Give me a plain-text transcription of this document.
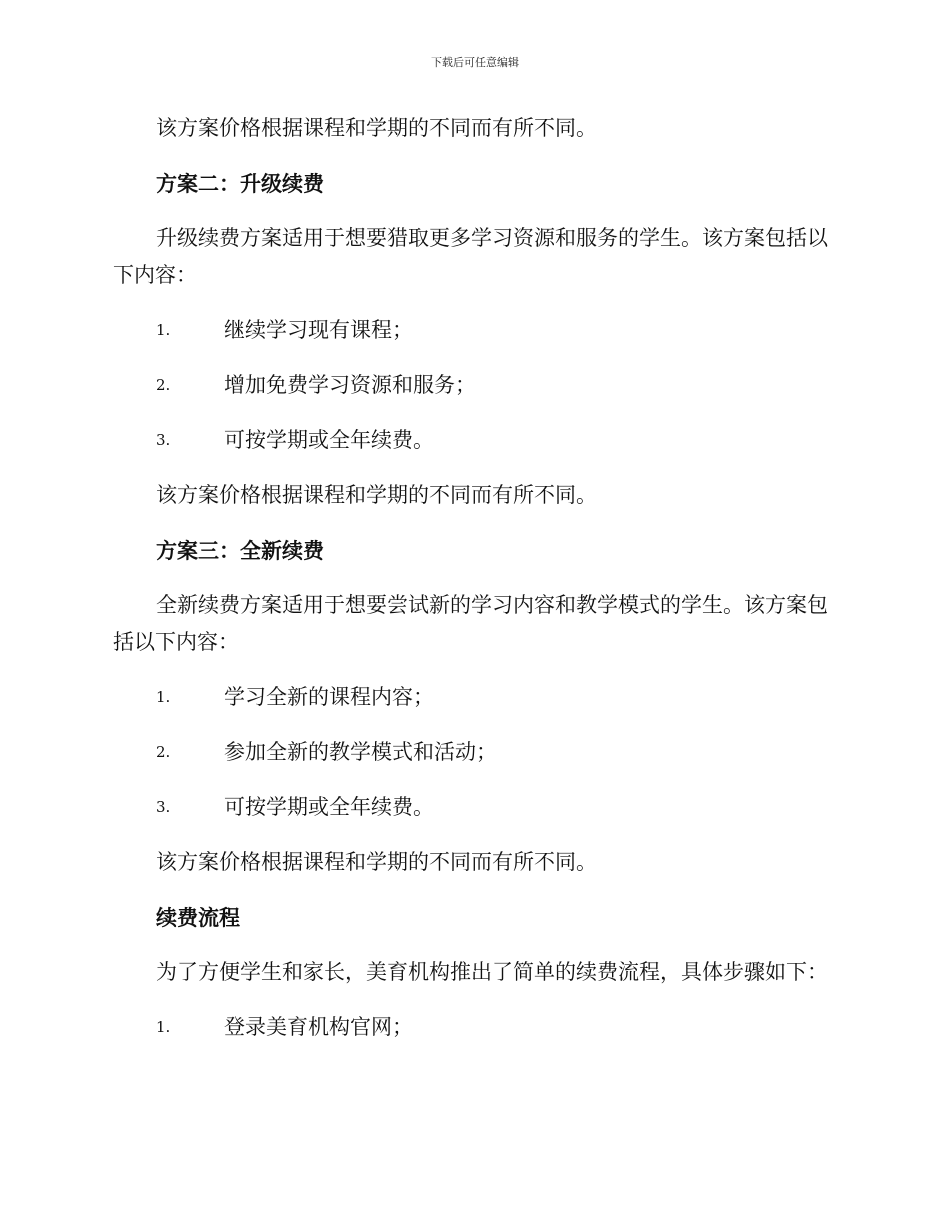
下载后可任意编辑

该方案价格根据课程和学期的不同而有所不同。

方案二：升级续费

升级续费方案适用于想要猎取更多学习资源和服务的学生。该方案包括以下内容：

1.	继续学习现有课程；
2.	增加免费学习资源和服务；
3.	可按学期或全年续费。

该方案价格根据课程和学期的不同而有所不同。

方案三：全新续费

全新续费方案适用于想要尝试新的学习内容和教学模式的学生。该方案包括以下内容：

1.	学习全新的课程内容；
2.	参加全新的教学模式和活动；
3.	可按学期或全年续费。

该方案价格根据课程和学期的不同而有所不同。

续费流程

为了方便学生和家长，美育机构推出了简单的续费流程，具体步骤如下：

1.	登录美育机构官网；
